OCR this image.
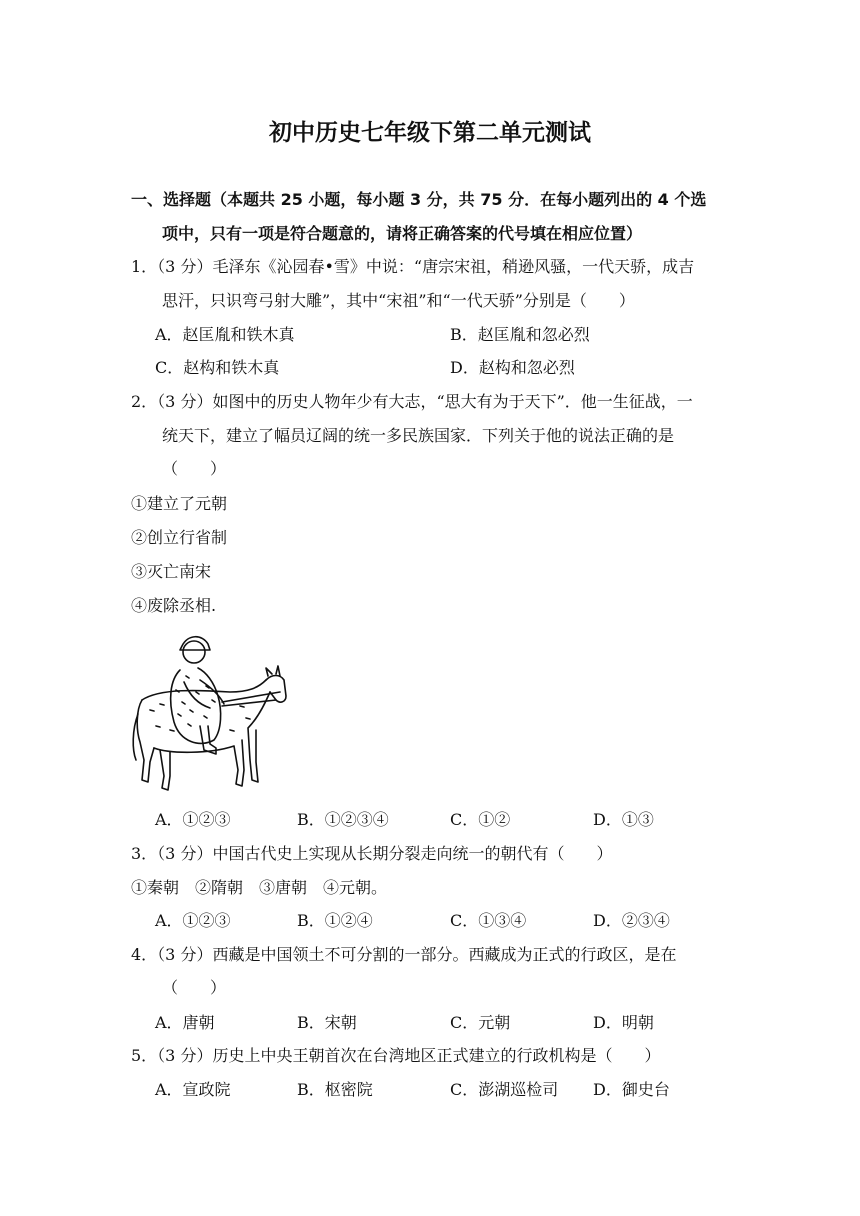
初中历史七年级下第二单元测试
一、选择题（本题共 25 小题，每小题 3 分，共 75 分．在每小题列出的 4 个选
项中，只有一项是符合题意的，请将正确答案的代号填在相应位置）
1．（3 分）毛泽东《沁园春•雪》中说：“唐宗宋祖，稍逊风骚，一代天骄，成吉
思汗，只识弯弓射大雕”，其中“宋祖”和“一代天骄”分别是（　　）
A．赵匡胤和铁木真	B．赵匡胤和忽必烈
C．赵构和铁木真	D．赵构和忽必烈
2．（3 分）如图中的历史人物年少有大志，“思大有为于天下”．他一生征战，一
统天下，建立了幅员辽阔的统一多民族国家．下列关于他的说法正确的是
（　　）
①建立了元朝
②创立行省制
③灭亡南宋
④废除丞相.
A．①②③	B．①②③④	C．①②	D．①③
3．（3 分）中国古代史上实现从长期分裂走向统一的朝代有（　　）
①秦朝　②隋朝　③唐朝　④元朝。
A．①②③	B．①②④	C．①③④	D．②③④
4．（3 分）西藏是中国领土不可分割的一部分。西藏成为正式的行政区，是在
（　　）
A．唐朝	B．宋朝	C．元朝	D．明朝
5．（3 分）历史上中央王朝首次在台湾地区正式建立的行政机构是（　　）
A．宣政院	B．枢密院	C．澎湖巡检司 D．御史台
